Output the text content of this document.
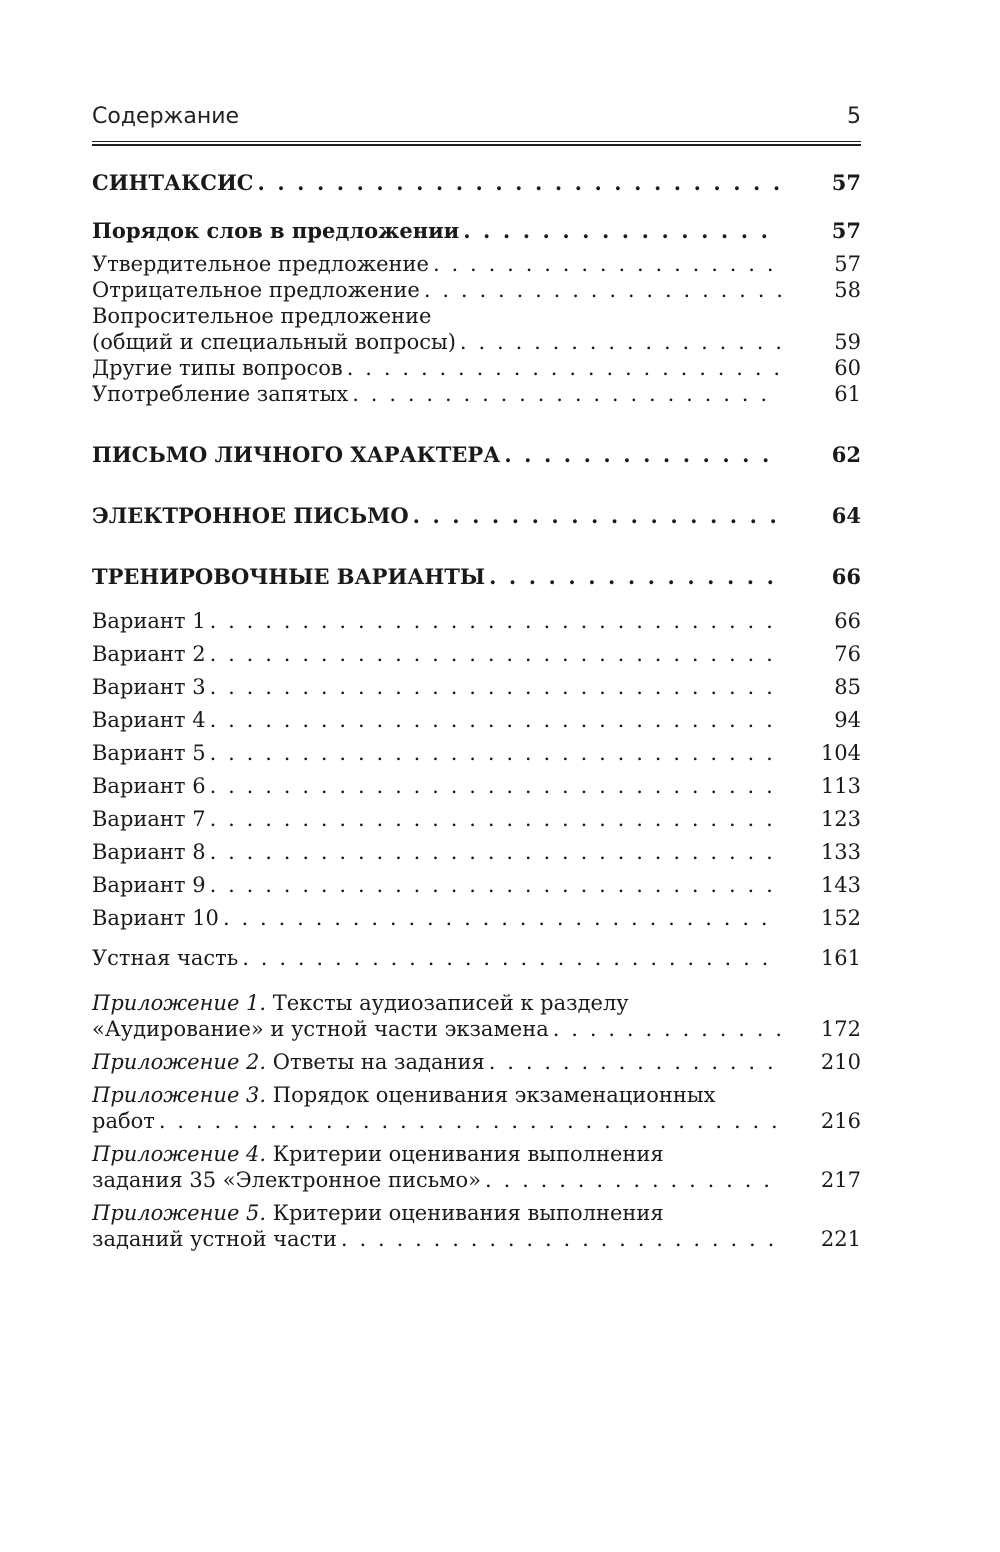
Содержание	5
СИНТАКСИС . . .	57
Порядок слов в предложении . . .	57
Утвердительное предложение . . .	57
Отрицательное предложение . . .	58
Вопросительное предложение
(общий и специальный вопросы) . . .	59
Другие типы вопросов . . .	60
Употребление запятых . . .	61
ПИСЬМО ЛИЧНОГО ХАРАКТЕРА . . .	62
ЭЛЕКТРОННОЕ ПИСЬМО . . .	64
ТРЕНИРОВОЧНЫЕ ВАРИАНТЫ . . .	66
Вариант 1 . . .	66
Вариант 2 . . .	76
Вариант 3 . . .	85
Вариант 4 . . .	94
Вариант 5 . . .	104
Вариант 6 . . .	113
Вариант 7 . . .	123
Вариант 8 . . .	133
Вариант 9 . . .	143
Вариант 10 . . .	152
Устная часть . . .	161
Приложение 1. Тексты аудиозаписей к разделу
«Аудирование» и устной части экзамена . . .	172
Приложение 2. Ответы на задания . . .	210
Приложение 3. Порядок оценивания экзаменационных
работ . . .	216
Приложение 4. Критерии оценивания выполнения
задания 35 «Электронное письмо» . . .	217
Приложение 5. Критерии оценивания выполнения
заданий устной части . . .	221
